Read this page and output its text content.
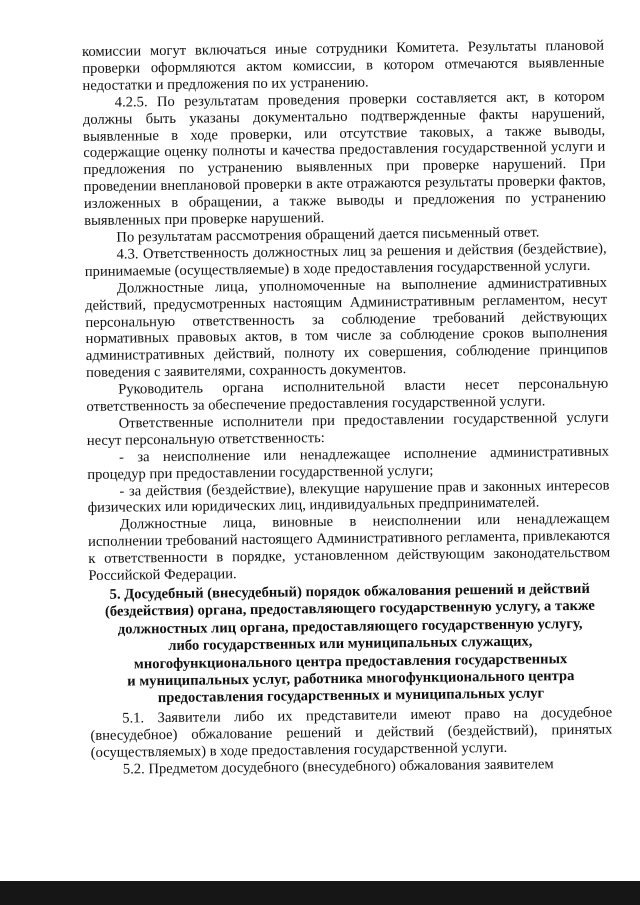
комиссии могут включаться иные сотрудники Комитета. Результаты плановой проверки оформляются актом комиссии, в котором отмечаются выявленные недостатки и предложения по их устранению.

4.2.5. По результатам проведения проверки составляется акт, в котором должны быть указаны документально подтвержденные факты нарушений, выявленные в ходе проверки, или отсутствие таковых, а также выводы, содержащие оценку полноты и качества предоставления государственной услуги и предложения по устранению выявленных при проверке нарушений. При проведении внеплановой проверки в акте отражаются результаты проверки фактов, изложенных в обращении, а также выводы и предложения по устранению выявленных при проверке нарушений.

По результатам рассмотрения обращений дается письменный ответ.

4.3. Ответственность должностных лиц за решения и действия (бездействие), принимаемые (осуществляемые) в ходе предоставления государственной услуги.

Должностные лица, уполномоченные на выполнение административных действий, предусмотренных настоящим Административным регламентом, несут персональную ответственность за соблюдение требований действующих нормативных правовых актов, в том числе за соблюдение сроков выполнения административных действий, полноту их совершения, соблюдение принципов поведения с заявителями, сохранность документов.

Руководитель органа исполнительной власти несет персональную ответственность за обеспечение предоставления государственной услуги.

Ответственные исполнители при предоставлении государственной услуги несут персональную ответственность:

- за неисполнение или ненадлежащее исполнение административных процедур при предоставлении государственной услуги;

- за действия (бездействие), влекущие нарушение прав и законных интересов физических или юридических лиц, индивидуальных предпринимателей.

Должностные лица, виновные в неисполнении или ненадлежащем исполнении требований настоящего Административного регламента, привлекаются к ответственности в порядке, установленном действующим законодательством Российской Федерации.

5. Досудебный (внесудебный) порядок обжалования решений и действий
(бездействия) органа, предоставляющего государственную услугу, а также
должностных лиц органа, предоставляющего государственную услугу,
либо государственных или муниципальных служащих,
многофункционального центра предоставления государственных
и муниципальных услуг, работника многофункционального центра
предоставления государственных и муниципальных услуг

5.1. Заявители либо их представители имеют право на досудебное (внесудебное) обжалование решений и действий (бездействий), принятых (осуществляемых) в ходе предоставления государственной услуги.

5.2. Предметом досудебного (внесудебного) обжалования заявителем
